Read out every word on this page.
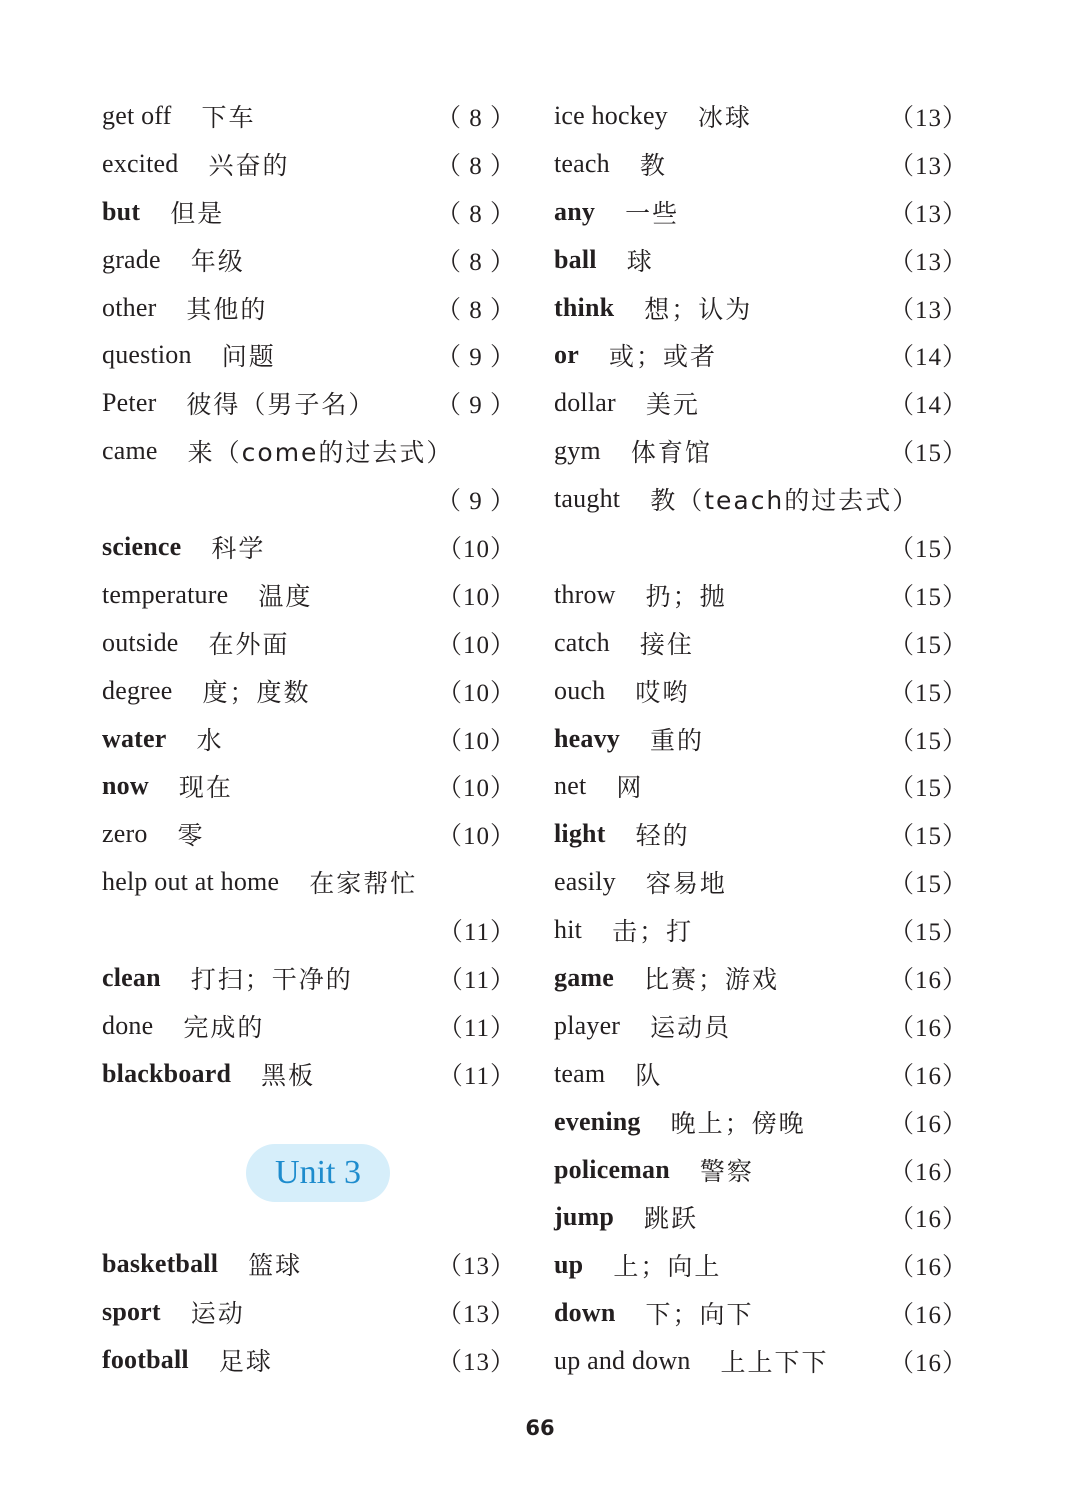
get off 下车	（ 8 ）
excited 兴奋的	（ 8 ）
but 但是	（ 8 ）
grade 年级	（ 8 ）
other 其他的	（ 8 ）
question 问题	（ 9 ）
Peter 彼得（男子名） （ 9 ）
came 来（come的过去式）
（ 9 ）
science 科学	（10）
temperature 温度	（10）
outside 在外面	（10）
degree 度；度数	（10）
water 水	（10）
now 现在	（10）
zero 零	（10）
help out at home 在家帮忙
（11）
clean 打扫；干净的	（11）
done 完成的	（11）
blackboard 黑板	（11）
basketball 篮球	（13）
sport 运动	（13）
football 足球	（13）
ice hockey 冰球	（13）
teach 教	（13）
any 一些	（13）
ball 球	（13）
think 想；认为	（13）
or 或；或者	（14）
dollar 美元	（14）
gym 体育馆	（15）
taught 教（teach的过去式）
（15）
throw 扔；抛	（15）
catch 接住	（15）
ouch 哎哟	（15）
heavy 重的	（15）
net 网	（15）
light 轻的	（15）
easily 容易地	（15）
hit 击；打	（15）
game 比赛；游戏	（16）
player 运动员	（16）
team 队	（16）
evening 晚上；傍晚	（16）
policeman 警察	（16）
jump 跳跃	（16）
up 上；向上	（16）
down 下；向下	（16）
up and down 上上下下 （16）
Unit 3
66
